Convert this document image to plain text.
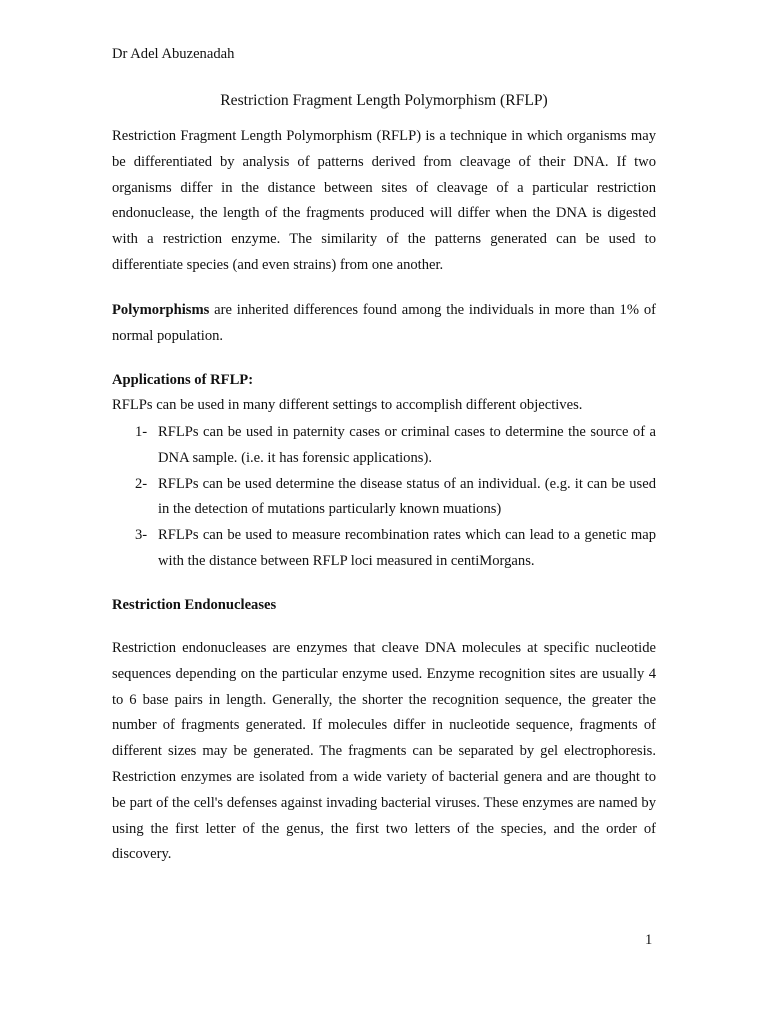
Dr Adel Abuzenadah
Restriction Fragment Length Polymorphism (RFLP)

Restriction Fragment Length Polymorphism (RFLP) is a technique in which organisms may be differentiated by analysis of patterns derived from cleavage of their DNA. If two organisms differ in the distance between sites of cleavage of a particular restriction endonuclease, the length of the fragments produced will differ when the DNA is digested with a restriction enzyme. The similarity of the patterns generated can be used to differentiate species (and even strains) from one another.

Polymorphisms are inherited differences found among the individuals in more than 1% of normal population.

Applications of RFLP:
RFLPs can be used in many different settings to accomplish different objectives.
1- RFLPs can be used in paternity cases or criminal cases to determine the source of a DNA sample. (i.e. it has forensic applications).
2- RFLPs can be used determine the disease status of an individual. (e.g. it can be used in the detection of mutations particularly known muations)
3- RFLPs can be used to measure recombination rates which can lead to a genetic map with the distance between RFLP loci measured in centiMorgans.
Restriction Endonucleases

Restriction endonucleases are enzymes that cleave DNA molecules at specific nucleotide sequences depending on the particular enzyme used. Enzyme recognition sites are usually 4 to 6 base pairs in length. Generally, the shorter the recognition sequence, the greater the number of fragments generated. If molecules differ in nucleotide sequence, fragments of different sizes may be generated. The fragments can be separated by gel electrophoresis. Restriction enzymes are isolated from a wide variety of bacterial genera and are thought to be part of the cell's defenses against invading bacterial viruses. These enzymes are named by using the first letter of the genus, the first two letters of the species, and the order of discovery.

1
